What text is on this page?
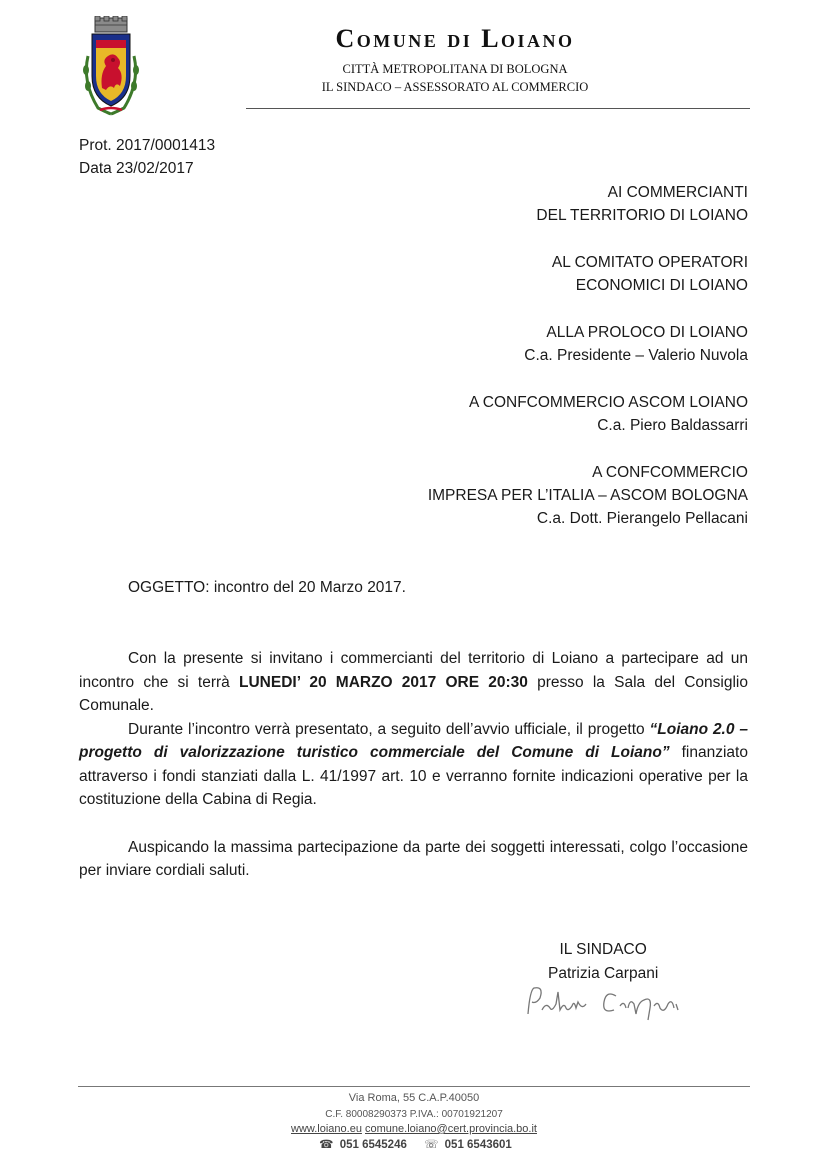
Comune di Loiano
CITTÀ METROPOLITANA DI BOLOGNA
IL SINDACO – ASSESSORATO AL COMMERCIO
Prot. 2017/0001413
Data 23/02/2017
AI COMMERCIANTI
DEL TERRITORIO DI LOIANO
AL COMITATO OPERATORI
ECONOMICI DI LOIANO
ALLA PROLOCO DI LOIANO
C.a. Presidente – Valerio Nuvola
A CONFCOMMERCIO ASCOM LOIANO
C.a. Piero Baldassarri
A CONFCOMMERCIO
IMPRESA PER L’ITALIA – ASCOM BOLOGNA
C.a. Dott. Pierangelo Pellacani
OGGETTO: incontro del 20 Marzo 2017.

Con la presente si invitano i commercianti del territorio di Loiano a partecipare ad un incontro che si terrà LUNEDI’ 20 MARZO 2017 ORE 20:30 presso la Sala del Consiglio Comunale.

Durante l’incontro verrà presentato, a seguito dell’avvio ufficiale, il progetto “Loiano 2.0 – progetto di valorizzazione turistico commerciale del Comune di Loiano” finanziato attraverso i fondi stanziati dalla L. 41/1997 art. 10 e verranno fornite indicazioni operative per la costituzione della Cabina di Regia.

Auspicando la massima partecipazione da parte dei soggetti interessati, colgo l’occasione per inviare cordiali saluti.

IL SINDACO
Patrizia Carpani
Via Roma, 55 C.A.P.40050
C.F. 80008290373 P.IVA.: 00701921207
www.loiano.eu comune.loiano@cert.provincia.bo.it
☎ 051 6545246 ☏ 051 6543601
